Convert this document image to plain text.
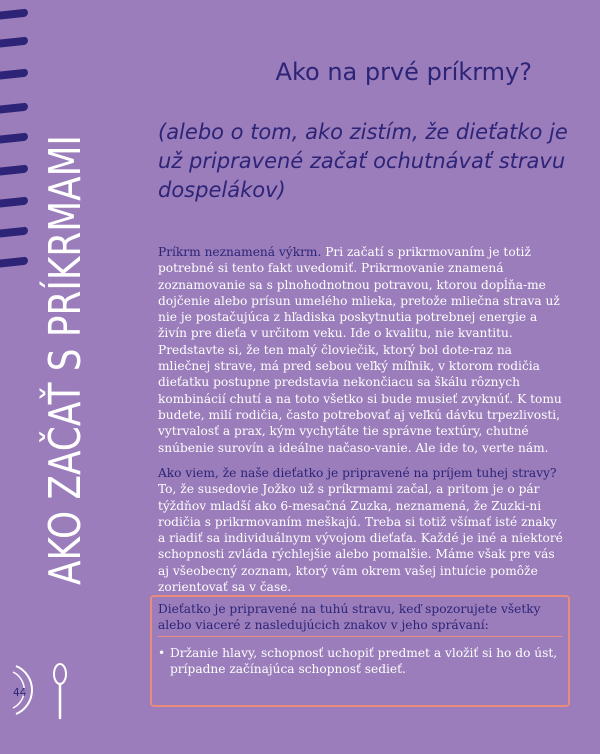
AKO ZAČAŤ S PRÍKRMAMI	Ako na prvé príkrmy?
(alebo o tom, ako zistím, že dieťatko je už pripravené začať ochutnávať stravu dospelákov)
Príkrm neznamená výkrm. Pri začatí s prikrmovaním je totiž potrebné si tento fakt uvedomiť. Prikrmovanie znamená zoznamovanie sa s plnohodnotnou potravou, ktorou dopĺňa-me dojčenie alebo prísun umelého mlieka, pretože mliečna strava už nie je postačujúca z hľadiska poskytnutia potrebnej energie a živín pre dieťa v určitom veku. Ide o kvalitu, nie kvantitu. Predstavte si, že ten malý človiečik, ktorý bol dote-raz na mliečnej strave, má pred sebou veľký míľnik, v ktorom rodičia dieťatku postupne predstavia nekončiacu sa škálu rôznych kombinácií chutí a na toto všetko si bude musieť zvyknúť. K tomu budete, milí rodičia, často potrebovať aj veľkú dávku trpezlivosti, vytrvalosť a prax, kým vychytáte tie správne textúry, chutné snúbenie surovín a ideálne načaso-vanie. Ale ide to, verte nám.
Ako viem, že naše dieťatko je pripravené na príjem tuhej stravy? To, že susedovie Jožko už s príkrmami začal, a pritom je o pár týždňov mladší ako 6-mesačná Zuzka, neznamená, že Zuzki-ni rodičia s prikrmovaním meškajú. Treba si totiž všímať isté znaky a riadiť sa individuálnym vývojom dieťaťa. Každé je iné a niektoré schopnosti zvláda rýchlejšie alebo pomalšie. Máme však pre vás aj všeobecný zoznam, ktorý vám okrem vašej intuície pomôže zorientovať sa v čase.
Dieťatko je pripravené na tuhú stravu, keď spozorujete všetky alebo viaceré z nasledujúcich znakov v jeho správaní:
• Držanie hlavy, schopnosť uchopiť predmet a vložiť si ho do úst, prípadne začínajúca schopnosť sedieť.
44
